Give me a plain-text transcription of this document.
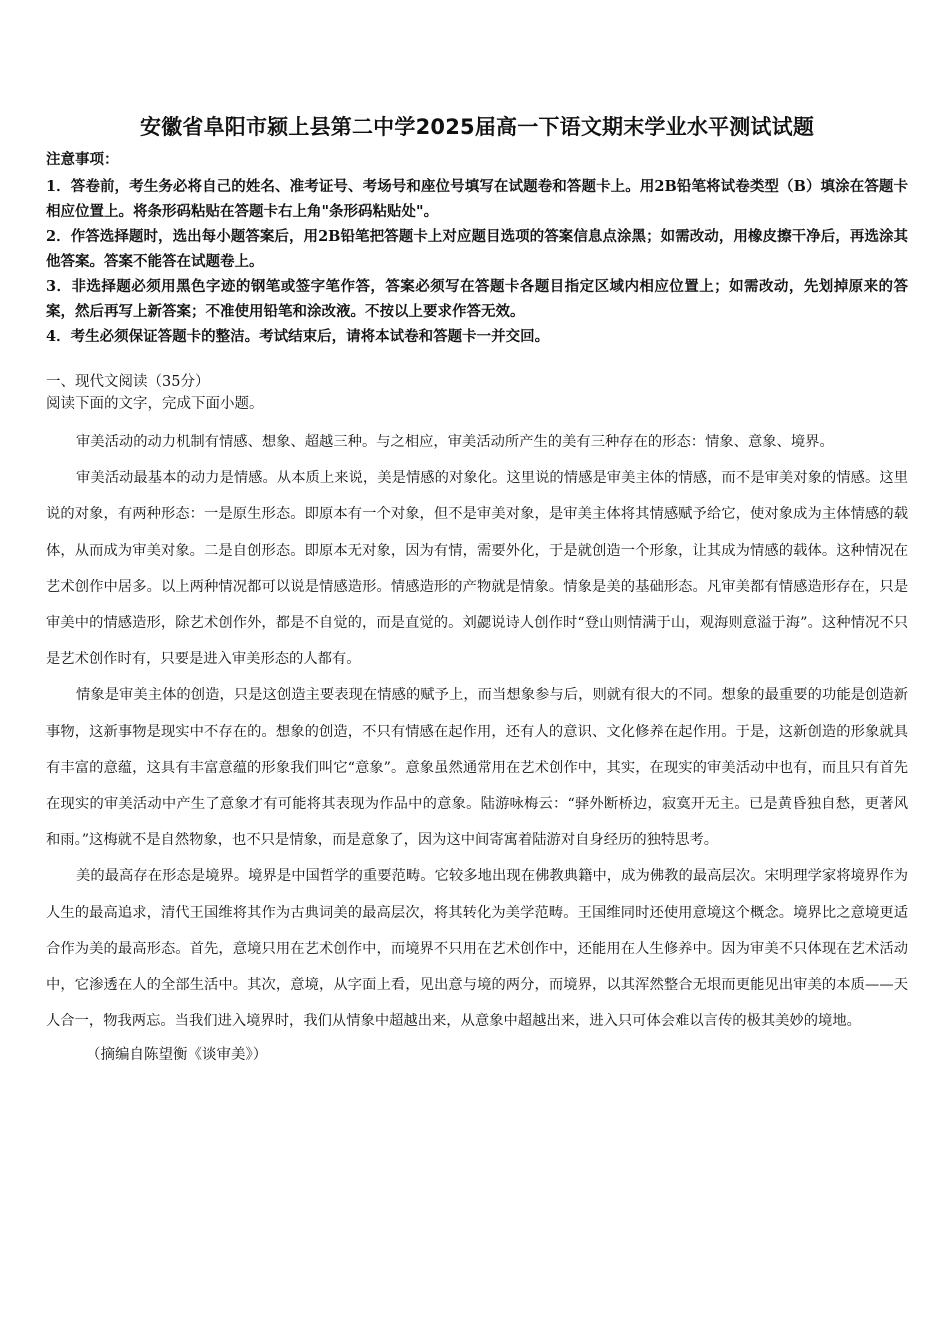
安徽省阜阳市颍上县第二中学2025届高一下语文期末学业水平测试试题

注意事项：

1．答卷前，考生务必将自己的姓名、准考证号、考场号和座位号填写在试题卷和答题卡上。用2B铅笔将试卷类型（B）填涂在答题卡相应位置上。将条形码粘贴在答题卡右上角"条形码粘贴处"。

2．作答选择题时，选出每小题答案后，用2B铅笔把答题卡上对应题目选项的答案信息点涂黑；如需改动，用橡皮擦干净后，再选涂其他答案。答案不能答在试题卷上。

3．非选择题必须用黑色字迹的钢笔或签字笔作答，答案必须写在答题卡各题目指定区域内相应位置上；如需改动，先划掉原来的答案，然后再写上新答案；不准使用铅笔和涂改液。不按以上要求作答无效。

4．考生必须保证答题卡的整洁。考试结束后，请将本试卷和答题卡一并交回。

一、现代文阅读（35分）

阅读下面的文字，完成下面小题。

审美活动的动力机制有情感、想象、超越三种。与之相应，审美活动所产生的美有三种存在的形态：情象、意象、境界。

审美活动最基本的动力是情感。从本质上来说，美是情感的对象化。这里说的情感是审美主体的情感，而不是审美对象的情感。这里说的对象，有两种形态：一是原生形态。即原本有一个对象，但不是审美对象，是审美主体将其情感赋予给它，使对象成为主体情感的载体，从而成为审美对象。二是自创形态。即原本无对象，因为有情，需要外化，于是就创造一个形象，让其成为情感的载体。这种情况在艺术创作中居多。以上两种情况都可以说是情感造形。情感造形的产物就是情象。情象是美的基础形态。凡审美都有情感造形存在，只是审美中的情感造形，除艺术创作外，都是不自觉的，而是直觉的。刘勰说诗人创作时“登山则情满于山，观海则意溢于海”。这种情况不只是艺术创作时有，只要是进入审美形态的人都有。

情象是审美主体的创造，只是这创造主要表现在情感的赋予上，而当想象参与后，则就有很大的不同。想象的最重要的功能是创造新事物，这新事物是现实中不存在的。想象的创造，不只有情感在起作用，还有人的意识、文化修养在起作用。于是，这新创造的形象就具有丰富的意蕴，这具有丰富意蕴的形象我们叫它“意象”。意象虽然通常用在艺术创作中，其实，在现实的审美活动中也有，而且只有首先在现实的审美活动中产生了意象才有可能将其表现为作品中的意象。陆游咏梅云：“驿外断桥边，寂寞开无主。已是黄昏独自愁，更著风和雨。”这梅就不是自然物象，也不只是情象，而是意象了，因为这中间寄寓着陆游对自身经历的独特思考。

美的最高存在形态是境界。境界是中国哲学的重要范畴。它较多地出现在佛教典籍中，成为佛教的最高层次。宋明理学家将境界作为人生的最高追求，清代王国维将其作为古典词美的最高层次，将其转化为美学范畴。王国维同时还使用意境这个概念。境界比之意境更适合作为美的最高形态。首先，意境只用在艺术创作中，而境界不只用在艺术创作中，还能用在人生修养中。因为审美不只体现在艺术活动中，它渗透在人的全部生活中。其次，意境，从字面上看，见出意与境的两分，而境界，以其浑然整合无垠而更能见出审美的本质——天人合一，物我两忘。当我们进入境界时，我们从情象中超越出来，从意象中超越出来，进入只可体会难以言传的极其美妙的境地。

（摘编自陈望衡《谈审美》）
